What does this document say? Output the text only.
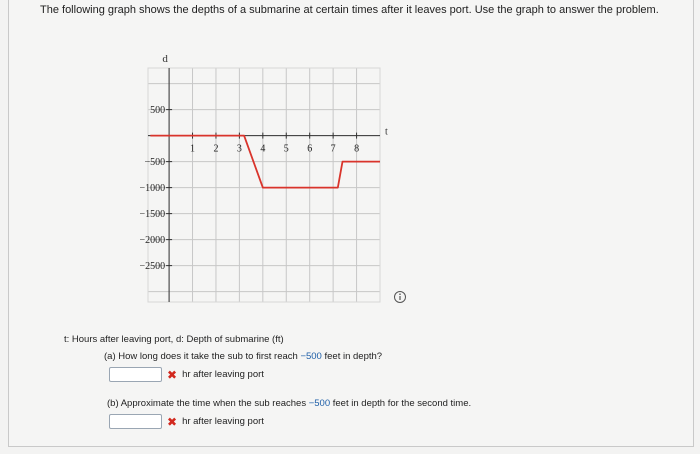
The following graph shows the depths of a submarine at certain times after it leaves port. Use the graph to answer the problem.
d
t
1 2 3 4 5 6 7 8
500
−500
−1000
−1500
−2000
−2500
t: Hours after leaving port, d: Depth of submarine (ft)
(a) How long does it take the sub to first reach −500 feet in depth?
✖ hr after leaving port
(b) Approximate the time when the sub reaches −500 feet in depth for the second time.
✖ hr after leaving port
